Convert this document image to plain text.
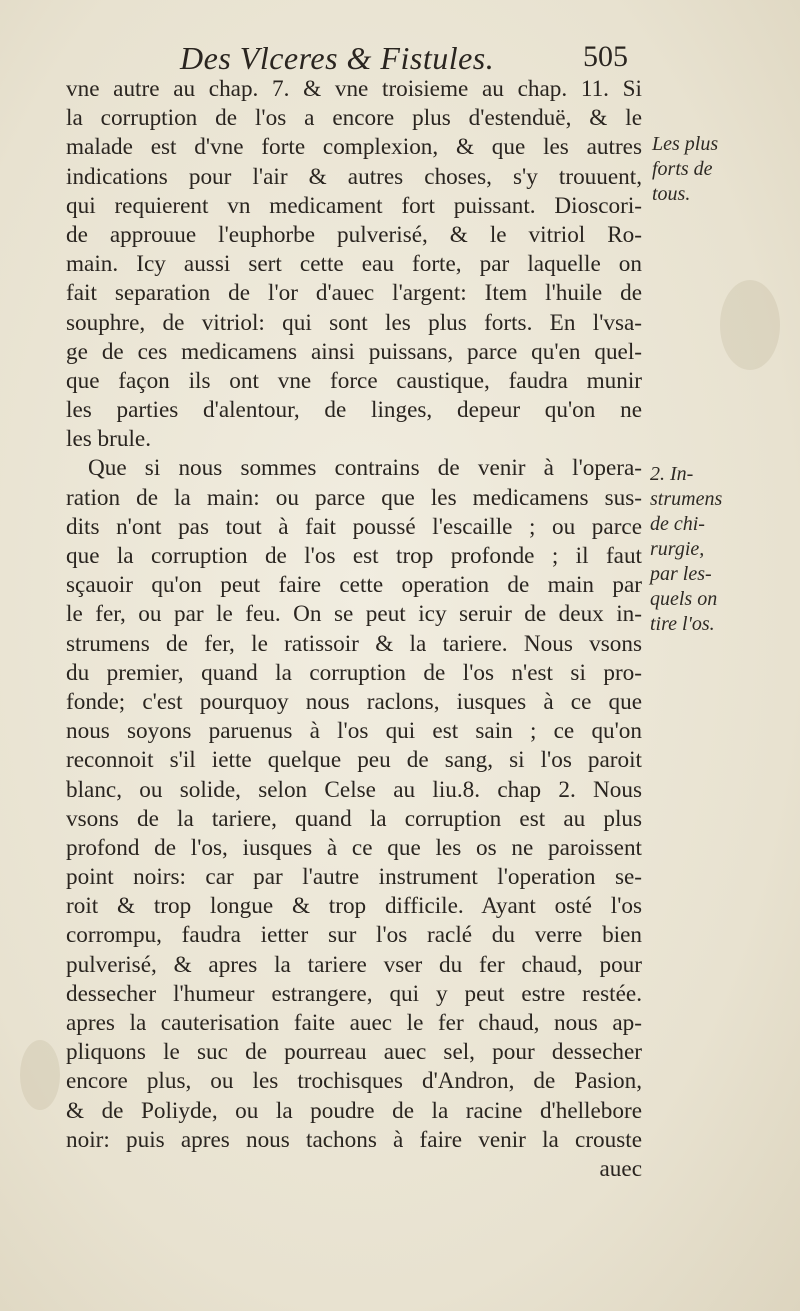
Des Vlceres & Fistules.	505
vne autre au chap. 7. & vne troisieme au chap. 11. Si
la corruption de l'os a encore plus d'estenduë, & le
malade est d'vne forte complexion, & que les autres
indications pour l'air & autres choses, s'y trouuent,
qui requierent vn medicament fort puissant. Dioscori-
de approuue l'euphorbe pulverisé, & le vitriol Ro-
main. Icy aussi sert cette eau forte, par laquelle on
fait separation de l'or d'auec l'argent: Item l'huile de
souphre, de vitriol: qui sont les plus forts. En l'vsa-
ge de ces medicamens ainsi puissans, parce qu'en quel-
que façon ils ont vne force caustique, faudra munir
les parties d'alentour, de linges, depeur qu'on ne
les brule.
Que si nous sommes contrains de venir à l'opera-
ration de la main: ou parce que les medicamens sus-
dits n'ont pas tout à fait poussé l'escaille ; ou parce
que la corruption de l'os est trop profonde ; il faut
sçauoir qu'on peut faire cette operation de main par
le fer, ou par le feu. On se peut icy seruir de deux in-
strumens de fer, le ratissoir & la tariere. Nous vsons
du premier, quand la corruption de l'os n'est si pro-
fonde; c'est pourquoy nous raclons, iusques à ce que
nous soyons paruenus à l'os qui est sain ; ce qu'on
reconnoit s'il iette quelque peu de sang, si l'os paroit
blanc, ou solide, selon Celse au liu.8. chap 2. Nous
vsons de la tariere, quand la corruption est au plus
profond de l'os, iusques à ce que les os ne paroissent
point noirs: car par l'autre instrument l'operation se-
roit & trop longue & trop difficile. Ayant osté l'os
corrompu, faudra ietter sur l'os raclé du verre bien
pulverisé, & apres la tariere vser du fer chaud, pour
dessecher l'humeur estrangere, qui y peut estre restée.
apres la cauterisation faite auec le fer chaud, nous ap-
pliquons le suc de pourreau auec sel, pour dessecher
encore plus, ou les trochisques d'Andron, de Pasion,
& de Poliyde, ou la poudre de la racine d'hellebore
noir: puis apres nous tachons à faire venir la crouste
auec
Les plus
forts de
tous.
2. In-
strumens
de chi-
rurgie,
par les-
quels on
tire l'os.
